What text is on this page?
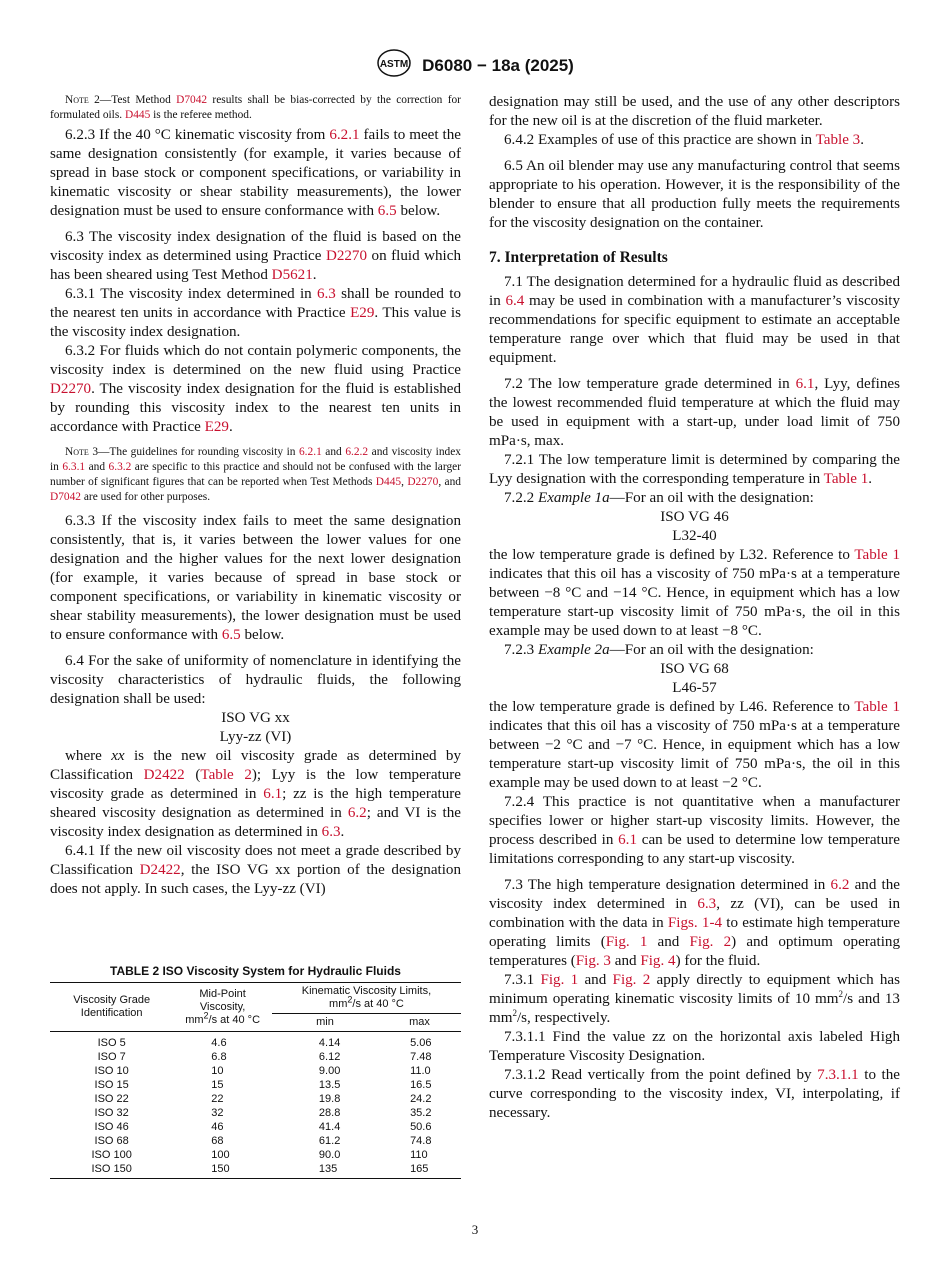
ASTM D6080 − 18a (2025)

Note 2—Test Method D7042 results shall be bias-corrected by the correction for formulated oils. D445 is the referee method.

6.2.3 If the 40 °C kinematic viscosity from 6.2.1 fails to meet the same designation consistently (for example, it varies because of spread in base stock or component specifications, or variability in kinematic viscosity or shear stability measurements), the lower designation must be used to ensure conformance with 6.5 below.

6.3 The viscosity index designation of the fluid is based on the viscosity index as determined using Practice D2270 on fluid which has been sheared using Test Method D5621.

6.3.1 The viscosity index determined in 6.3 shall be rounded to the nearest ten units in accordance with Practice E29. This value is the viscosity index designation.

6.3.2 For fluids which do not contain polymeric components, the viscosity index is determined on the new fluid using Practice D2270. The viscosity index designation for the fluid is established by rounding this viscosity index to the nearest ten units in accordance with Practice E29.

Note 3—The guidelines for rounding viscosity in 6.2.1 and 6.2.2 and viscosity index in 6.3.1 and 6.3.2 are specific to this practice and should not be confused with the larger number of significant figures that can be reported when Test Methods D445, D2270, and D7042 are used for other purposes.

6.3.3 If the viscosity index fails to meet the same designation consistently, that is, it varies between the lower values for one designation and the higher values for the next lower designation (for example, it varies because of spread in base stock or component specifications, or variability in kinematic viscosity or shear stability measurements), the lower designation must be used to ensure conformance with 6.5 below.

6.4 For the sake of uniformity of nomenclature in identifying the viscosity characteristics of hydraulic fluids, the following designation shall be used:

ISO VG xx

Lyy-zz (VI)

where xx is the new oil viscosity grade as determined by Classification D2422 (Table 2); Lyy is the low temperature viscosity grade as determined in 6.1; zz is the high temperature sheared viscosity designation as determined in 6.2; and VI is the viscosity index designation as determined in 6.3.

6.4.1 If the new oil viscosity does not meet a grade described by Classification D2422, the ISO VG xx portion of the designation does not apply. In such cases, the Lyy-zz (VI)

TABLE 2 ISO Viscosity System for Hydraulic Fluids
Viscosity Grade Identification	Mid-Point Viscosity,
$mm^2/s$ at 40 °C	Kinematic Viscosity Limits,
$mm^2/s$ at 40 °C	
		min	max
ISO 5	4.6	4.14	5.06
ISO 7	6.8	6.12	7.48
ISO 10	10	9.00	11.0
ISO 15	15	13.5	16.5
ISO 22	22	19.8	24.2
ISO 32	32	28.8	35.2
ISO 46	46	41.4	50.6
ISO 68	68	61.2	74.8
ISO 100	100	90.0	110
ISO 150	150	135	165

designation may still be used, and the use of any other descriptors for the new oil is at the discretion of the fluid marketer.

6.4.2 Examples of use of this practice are shown in Table 3.

6.5 An oil blender may use any manufacturing control that seems appropriate to his operation. However, it is the responsibility of the blender to ensure that all production fully meets the requirements for the viscosity designation on the container.

7. Interpretation of Results

7.1 The designation determined for a hydraulic fluid as described in 6.4 may be used in combination with a manufacturer’s viscosity recommendations for specific equipment to estimate an acceptable temperature range over which that fluid may be used in that equipment.

7.2 The low temperature grade determined in 6.1, Lyy, defines the lowest recommended fluid temperature at which the fluid may be used in equipment with a start-up, under load limit of 750 mPa·s, max.

7.2.1 The low temperature limit is determined by comparing the Lyy designation with the corresponding temperature in Table 1.

7.2.2 Example 1a—For an oil with the designation:

ISO VG 46

L32-40

the low temperature grade is defined by L32. Reference to Table 1 indicates that this oil has a viscosity of 750 mPa·s at a temperature between −8 °C and −14 °C. Hence, in equipment which has a low temperature start-up viscosity limit of 750 mPa·s, the oil in this example may be used down to at least −8 °C.

7.2.3 Example 2a—For an oil with the designation:

ISO VG 68

L46-57

the low temperature grade is defined by L46. Reference to Table 1 indicates that this oil has a viscosity of 750 mPa·s at a temperature between −2 °C and −7 °C. Hence, in equipment which has a low temperature start-up viscosity limit of 750 mPa·s, the oil in this example may be used down to at least −2 °C.

7.2.4 This practice is not quantitative when a manufacturer specifies lower or higher start-up viscosity limits. However, the process described in 6.1 can be used to determine low temperature limitations corresponding to any start-up viscosity.

7.3 The high temperature designation determined in 6.2 and the viscosity index determined in 6.3, zz (VI), can be used in combination with the data in Figs. 1-4 to estimate high temperature operating limits (Fig. 1 and Fig. 2) and optimum operating temperatures (Fig. 3 and Fig. 4) for the fluid.

7.3.1 Fig. 1 and Fig. 2 apply directly to equipment which has minimum operating kinematic viscosity limits of 10 $mm^2/s$ and 13 $mm^2/s$, respectively.

7.3.1.1 Find the value zz on the horizontal axis labeled High Temperature Viscosity Designation.

7.3.1.2 Read vertically from the point defined by 7.3.1.1 to the curve corresponding to the viscosity index, VI, interpolating, if necessary.

3
